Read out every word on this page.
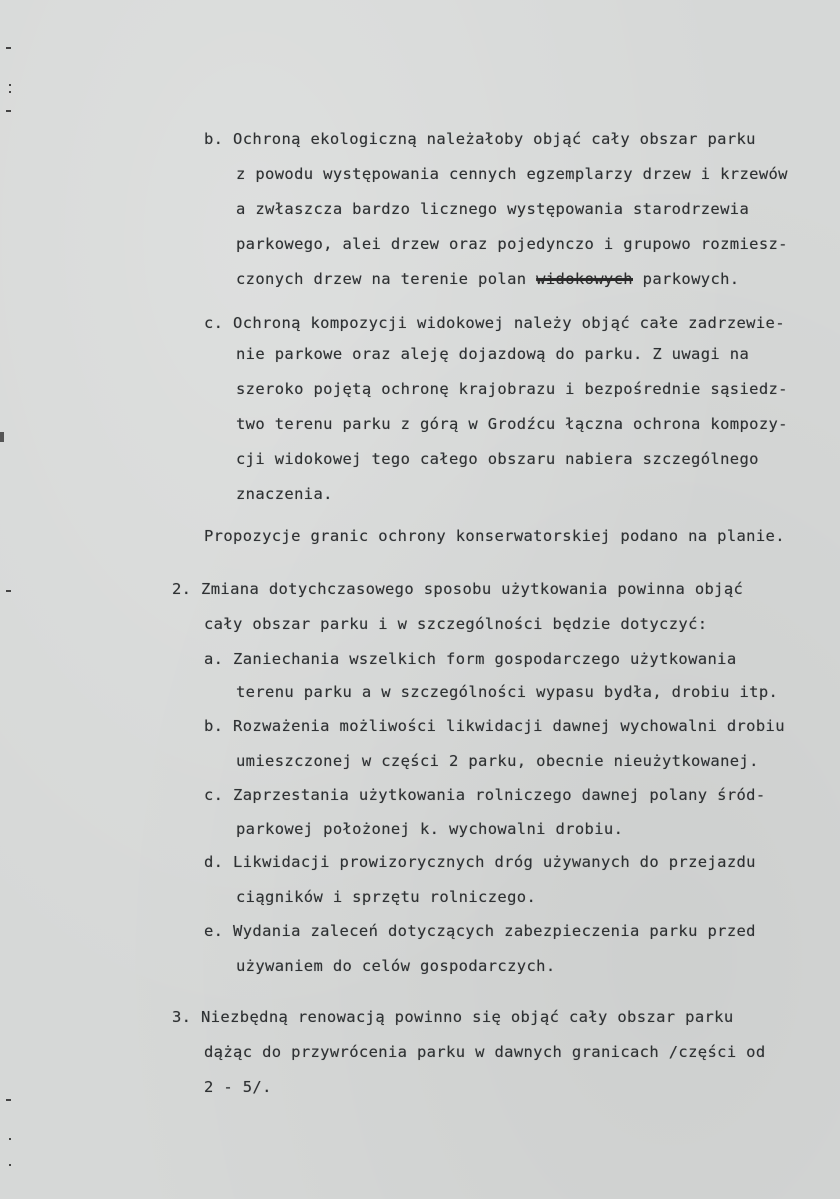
b. Ochroną ekologiczną należałoby objąć cały obszar parku
z powodu występowania cennych egzemplarzy drzew i krzewów
a zwłaszcza bardzo licznego występowania starodrzewia
parkowego, alei drzew oraz pojedynczo i grupowo rozmiesz-
czonych drzew na terenie polan widokowych parkowych.
c. Ochroną kompozycji widokowej należy objąć całe zadrzewie-
nie parkowe oraz aleję dojazdową do parku. Z uwagi na
szeroko pojętą ochronę krajobrazu i bezpośrednie sąsiedz-
two terenu parku z górą w Grodźcu łączna ochrona kompozy-
cji widokowej tego całego obszaru nabiera szczególnego
znaczenia.
Propozycje granic ochrony konserwatorskiej podano na planie.
2. Zmiana dotychczasowego sposobu użytkowania powinna objąć
cały obszar parku i w szczególności będzie dotyczyć:
a. Zaniechania wszelkich form gospodarczego użytkowania
terenu parku a w szczególności wypasu bydła, drobiu itp.
b. Rozważenia możliwości likwidacji dawnej wychowalni drobiu
umieszczonej w części 2 parku, obecnie nieużytkowanej.
c. Zaprzestania użytkowania rolniczego dawnej polany śród-
parkowej położonej k. wychowalni drobiu.
d. Likwidacji prowizorycznych dróg używanych do przejazdu
ciągników i sprzętu rolniczego.
e. Wydania zaleceń dotyczących zabezpieczenia parku przed
używaniem do celów gospodarczych.
3. Niezbędną renowacją powinno się objąć cały obszar parku
dążąc do przywrócenia parku w dawnych granicach /części od
2 - 5/.
